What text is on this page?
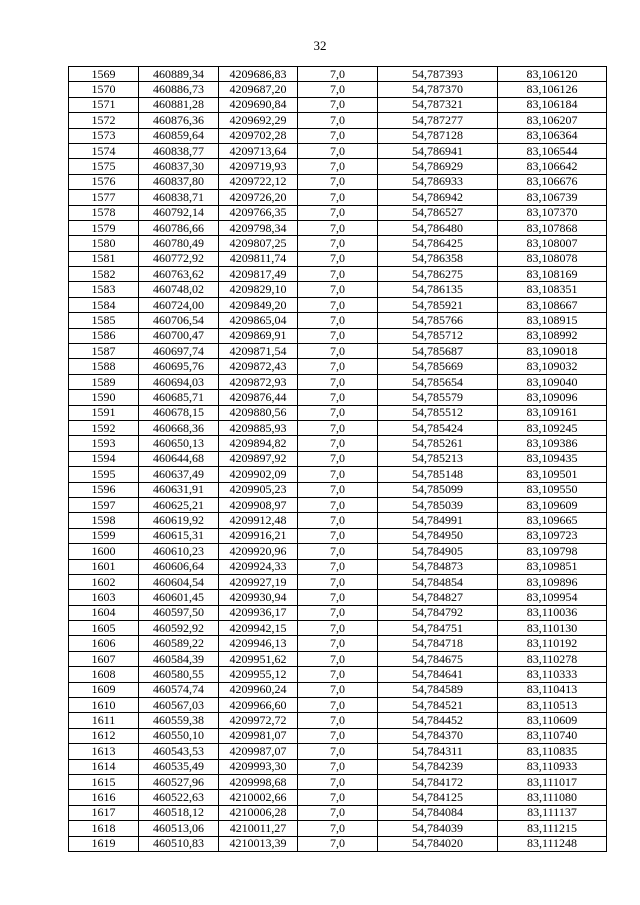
32
1569	460889,34	4209686,83	7,0	54,787393	83,106120
1570	460886,73	4209687,20	7,0	54,787370	83,106126
1571	460881,28	4209690,84	7,0	54,787321	83,106184
1572	460876,36	4209692,29	7,0	54,787277	83,106207
1573	460859,64	4209702,28	7,0	54,787128	83,106364
1574	460838,77	4209713,64	7,0	54,786941	83,106544
1575	460837,30	4209719,93	7,0	54,786929	83,106642
1576	460837,80	4209722,12	7,0	54,786933	83,106676
1577	460838,71	4209726,20	7,0	54,786942	83,106739
1578	460792,14	4209766,35	7,0	54,786527	83,107370
1579	460786,66	4209798,34	7,0	54,786480	83,107868
1580	460780,49	4209807,25	7,0	54,786425	83,108007
1581	460772,92	4209811,74	7,0	54,786358	83,108078
1582	460763,62	4209817,49	7,0	54,786275	83,108169
1583	460748,02	4209829,10	7,0	54,786135	83,108351
1584	460724,00	4209849,20	7,0	54,785921	83,108667
1585	460706,54	4209865,04	7,0	54,785766	83,108915
1586	460700,47	4209869,91	7,0	54,785712	83,108992
1587	460697,74	4209871,54	7,0	54,785687	83,109018
1588	460695,76	4209872,43	7,0	54,785669	83,109032
1589	460694,03	4209872,93	7,0	54,785654	83,109040
1590	460685,71	4209876,44	7,0	54,785579	83,109096
1591	460678,15	4209880,56	7,0	54,785512	83,109161
1592	460668,36	4209885,93	7,0	54,785424	83,109245
1593	460650,13	4209894,82	7,0	54,785261	83,109386
1594	460644,68	4209897,92	7,0	54,785213	83,109435
1595	460637,49	4209902,09	7,0	54,785148	83,109501
1596	460631,91	4209905,23	7,0	54,785099	83,109550
1597	460625,21	4209908,97	7,0	54,785039	83,109609
1598	460619,92	4209912,48	7,0	54,784991	83,109665
1599	460615,31	4209916,21	7,0	54,784950	83,109723
1600	460610,23	4209920,96	7,0	54,784905	83,109798
1601	460606,64	4209924,33	7,0	54,784873	83,109851
1602	460604,54	4209927,19	7,0	54,784854	83,109896
1603	460601,45	4209930,94	7,0	54,784827	83,109954
1604	460597,50	4209936,17	7,0	54,784792	83,110036
1605	460592,92	4209942,15	7,0	54,784751	83,110130
1606	460589,22	4209946,13	7,0	54,784718	83,110192
1607	460584,39	4209951,62	7,0	54,784675	83,110278
1608	460580,55	4209955,12	7,0	54,784641	83,110333
1609	460574,74	4209960,24	7,0	54,784589	83,110413
1610	460567,03	4209966,60	7,0	54,784521	83,110513
1611	460559,38	4209972,72	7,0	54,784452	83,110609
1612	460550,10	4209981,07	7,0	54,784370	83,110740
1613	460543,53	4209987,07	7,0	54,784311	83,110835
1614	460535,49	4209993,30	7,0	54,784239	83,110933
1615	460527,96	4209998,68	7,0	54,784172	83,111017
1616	460522,63	4210002,66	7,0	54,784125	83,111080
1617	460518,12	4210006,28	7,0	54,784084	83,111137
1618	460513,06	4210011,27	7,0	54,784039	83,111215
1619	460510,83	4210013,39	7,0	54,784020	83,111248
